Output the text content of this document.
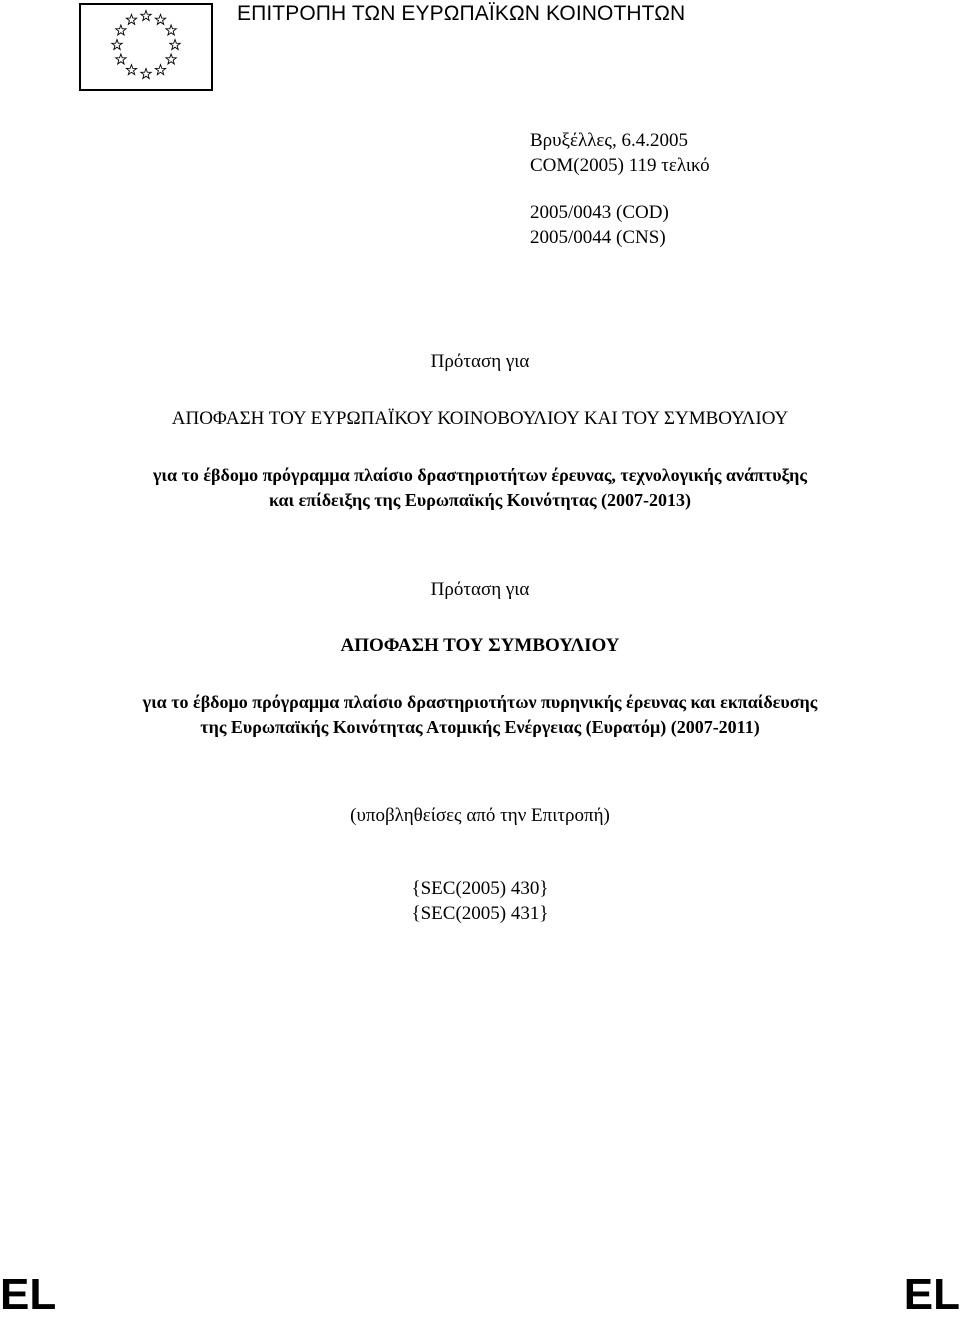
ΕΠΙΤΡΟΠΗ ΤΩΝ ΕΥΡΩΠΑΪΚΩΝ ΚΟΙΝΟΤΗΤΩΝ
Βρυξέλλες, 6.4.2005
COM(2005) 119 τελικό
2005/0043 (COD)
2005/0044 (CNS)
Πρόταση για
ΑΠΟΦΑΣΗ ΤΟΥ ΕΥΡΩΠΑΪΚΟΥ ΚΟΙΝΟΒΟΥΛΙΟΥ ΚΑΙ ΤΟΥ ΣΥΜΒΟΥΛΙΟΥ
για το έβδομο πρόγραμμα πλαίσιο δραστηριοτήτων έρευνας, τεχνολογικής ανάπτυξης
και επίδειξης της Ευρωπαϊκής Κοινότητας (2007-2013)
Πρόταση για
ΑΠΟΦΑΣΗ ΤΟΥ ΣΥΜΒΟΥΛΙΟΥ
για το έβδομο πρόγραμμα πλαίσιο δραστηριοτήτων πυρηνικής έρευνας και εκπαίδευσης
της Ευρωπαϊκής Κοινότητας Ατομικής Ενέργειας (Ευρατόμ) (2007-2011)
(υποβληθείσες από την Επιτροπή)
{SEC(2005) 430}
{SEC(2005) 431}
EL	EL
